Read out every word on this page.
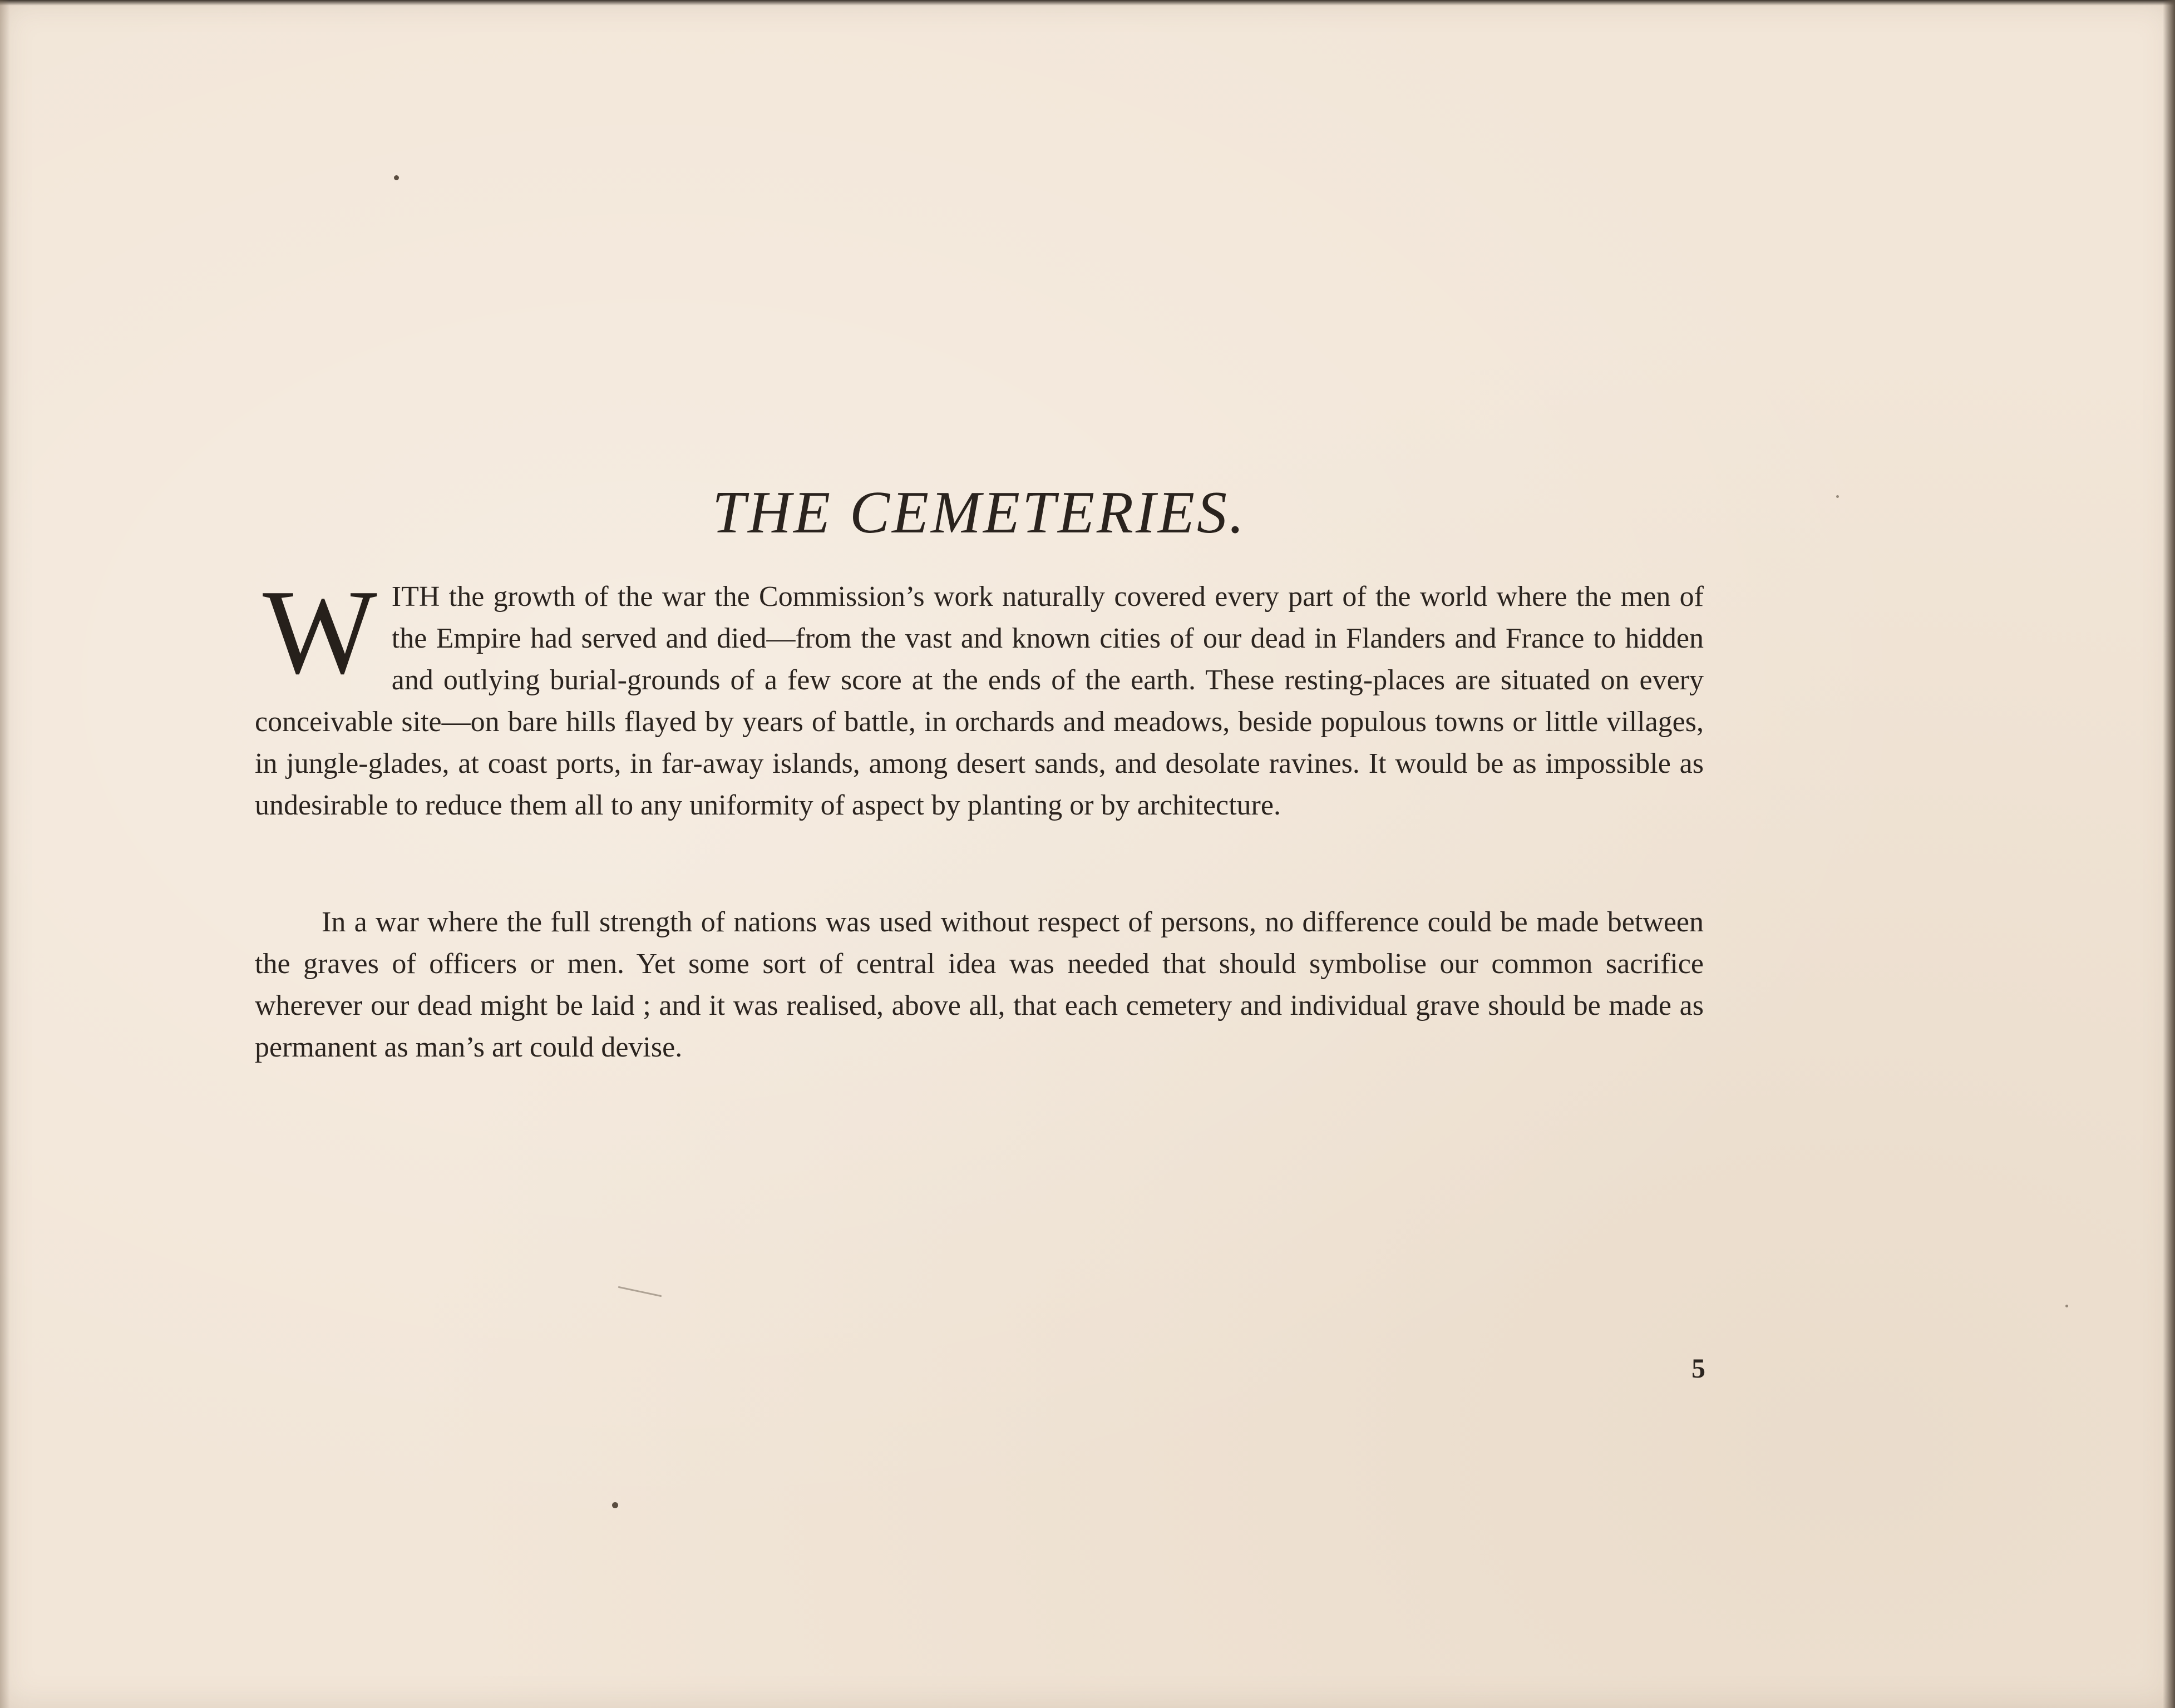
THE CEMETERIES.
W ITH the growth of the war the Commission’s work naturally covered every part of the world where the men of the Empire had served and died—from the vast and known cities of our dead in Flanders and France to hidden and outlying burial-grounds of a few score at the ends of the earth. These resting-places are situated on every conceivable site—on bare hills flayed by years of battle, in orchards and meadows, beside populous towns or little villages, in jungle-glades, at coast ports, in far-away islands, among desert sands, and desolate ravines. It would be as impossible as undesirable to reduce them all to any uniformity of aspect by planting or by architecture.
In a war where the full strength of nations was used without respect of persons, no difference could be made between the graves of officers or men. Yet some sort of central idea was needed that should symbolise our common sacrifice wherever our dead might be laid ; and it was realised, above all, that each cemetery and individual grave should be made as permanent as man’s art could devise.
5
